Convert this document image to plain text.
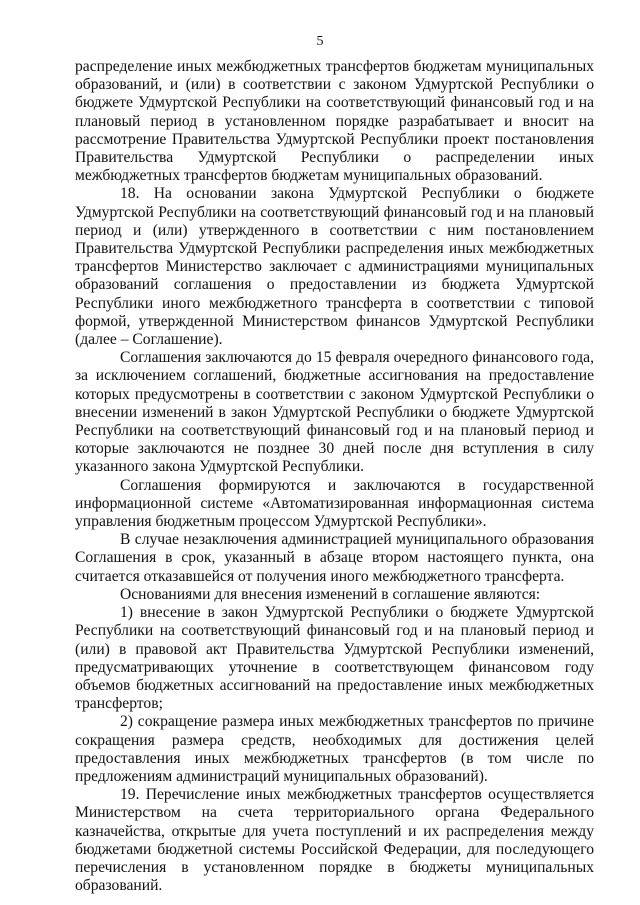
5

распределение иных межбюджетных трансфертов бюджетам муниципальных образований, и (или) в соответствии с законом Удмуртской Республики о бюджете Удмуртской Республики на соответствующий финансовый год и на плановый период в установленном порядке разрабатывает и вносит на рассмотрение Правительства Удмуртской Республики проект постановления Правительства Удмуртской Республики о распределении иных межбюджетных трансфертов бюджетам муниципальных образований.

18. На основании закона Удмуртской Республики о бюджете Удмуртской Республики на соответствующий финансовый год и на плановый период и (или) утвержденного в соответствии с ним постановлением Правительства Удмуртской Республики распределения иных межбюджетных трансфертов Министерство заключает с администрациями муниципальных образований соглашения о предоставлении из бюджета Удмуртской Республики иного межбюджетного трансферта в соответствии с типовой формой, утвержденной Министерством финансов Удмуртской Республики (далее – Соглашение).

Соглашения заключаются до 15 февраля очередного финансового года, за исключением соглашений, бюджетные ассигнования на предоставление которых предусмотрены в соответствии с законом Удмуртской Республики о внесении изменений в закон Удмуртской Республики о бюджете Удмуртской Республики на соответствующий финансовый год и на плановый период и которые заключаются не позднее 30 дней после дня вступления в силу указанного закона Удмуртской Республики.

Соглашения формируются и заключаются в государственной информационной системе «Автоматизированная информационная система управления бюджетным процессом Удмуртской Республики».

В случае незаключения администрацией муниципального образования Соглашения в срок, указанный в абзаце втором настоящего пункта, она считается отказавшейся от получения иного межбюджетного трансферта.

Основаниями для внесения изменений в соглашение являются:

1) внесение в закон Удмуртской Республики о бюджете Удмуртской Республики на соответствующий финансовый год и на плановый период и (или) в правовой акт Правительства Удмуртской Республики изменений, предусматривающих уточнение в соответствующем финансовом году объемов бюджетных ассигнований на предоставление иных межбюджетных трансфертов;

2) сокращение размера иных межбюджетных трансфертов по причине сокращения размера средств, необходимых для достижения целей предоставления иных межбюджетных трансфертов (в том числе по предложениям администраций муниципальных образований).

19. Перечисление иных межбюджетных трансфертов осуществляется Министерством на счета территориального органа Федерального казначейства, открытые для учета поступлений и их распределения между бюджетами бюджетной системы Российской Федерации, для последующего перечисления в установленном порядке в бюджеты муниципальных образований.
